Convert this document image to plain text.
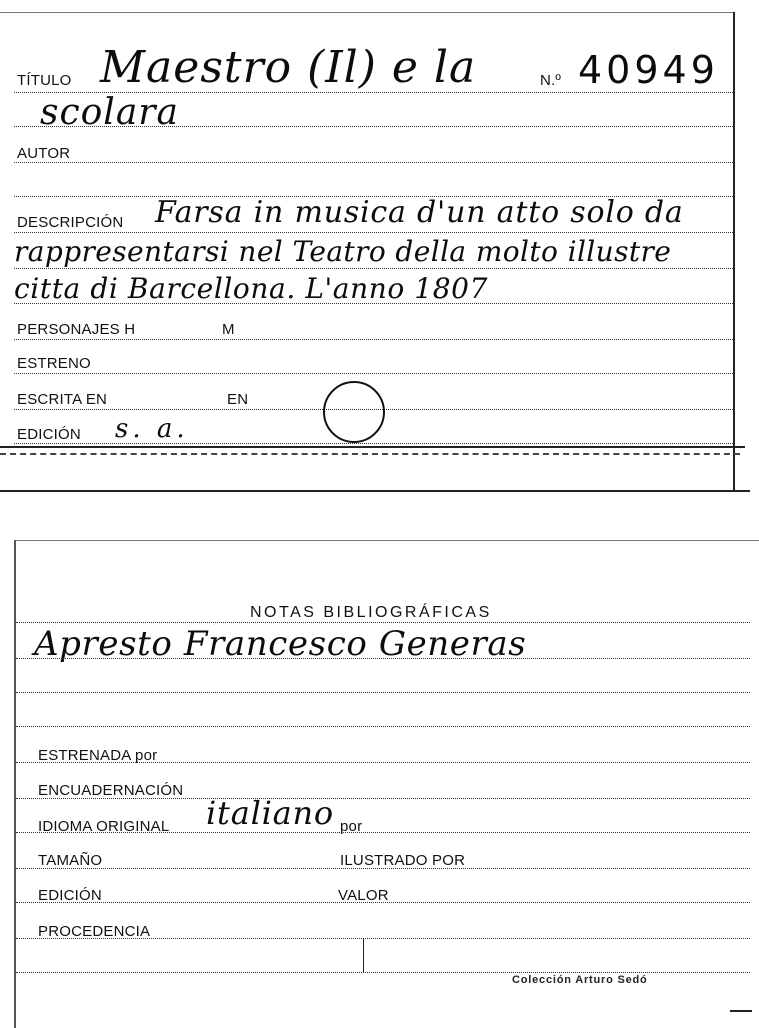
TÍTULO Maestro (Il) e la	N.º 40949
scolara
AUTOR
DESCRIPCIÓN Farsa in musica d'un atto solo da
rappresentarsi nel Teatro della molto illustre
citta di Barcellona. L'anno 1807
PERSONAJES H	M
ESTRENO
ESCRITA EN	EN
EDICIÓN s. a.
NOTAS BIBLIOGRÁFICAS
Apresto Francesco Generas
ESTRENADA por
ENCUADERNACIÓN
IDIOMA ORIGINAL italiano por
TAMAÑO	ILUSTRADO POR
EDICIÓN	VALOR
PROCEDENCIA
Colección Arturo Sedó
